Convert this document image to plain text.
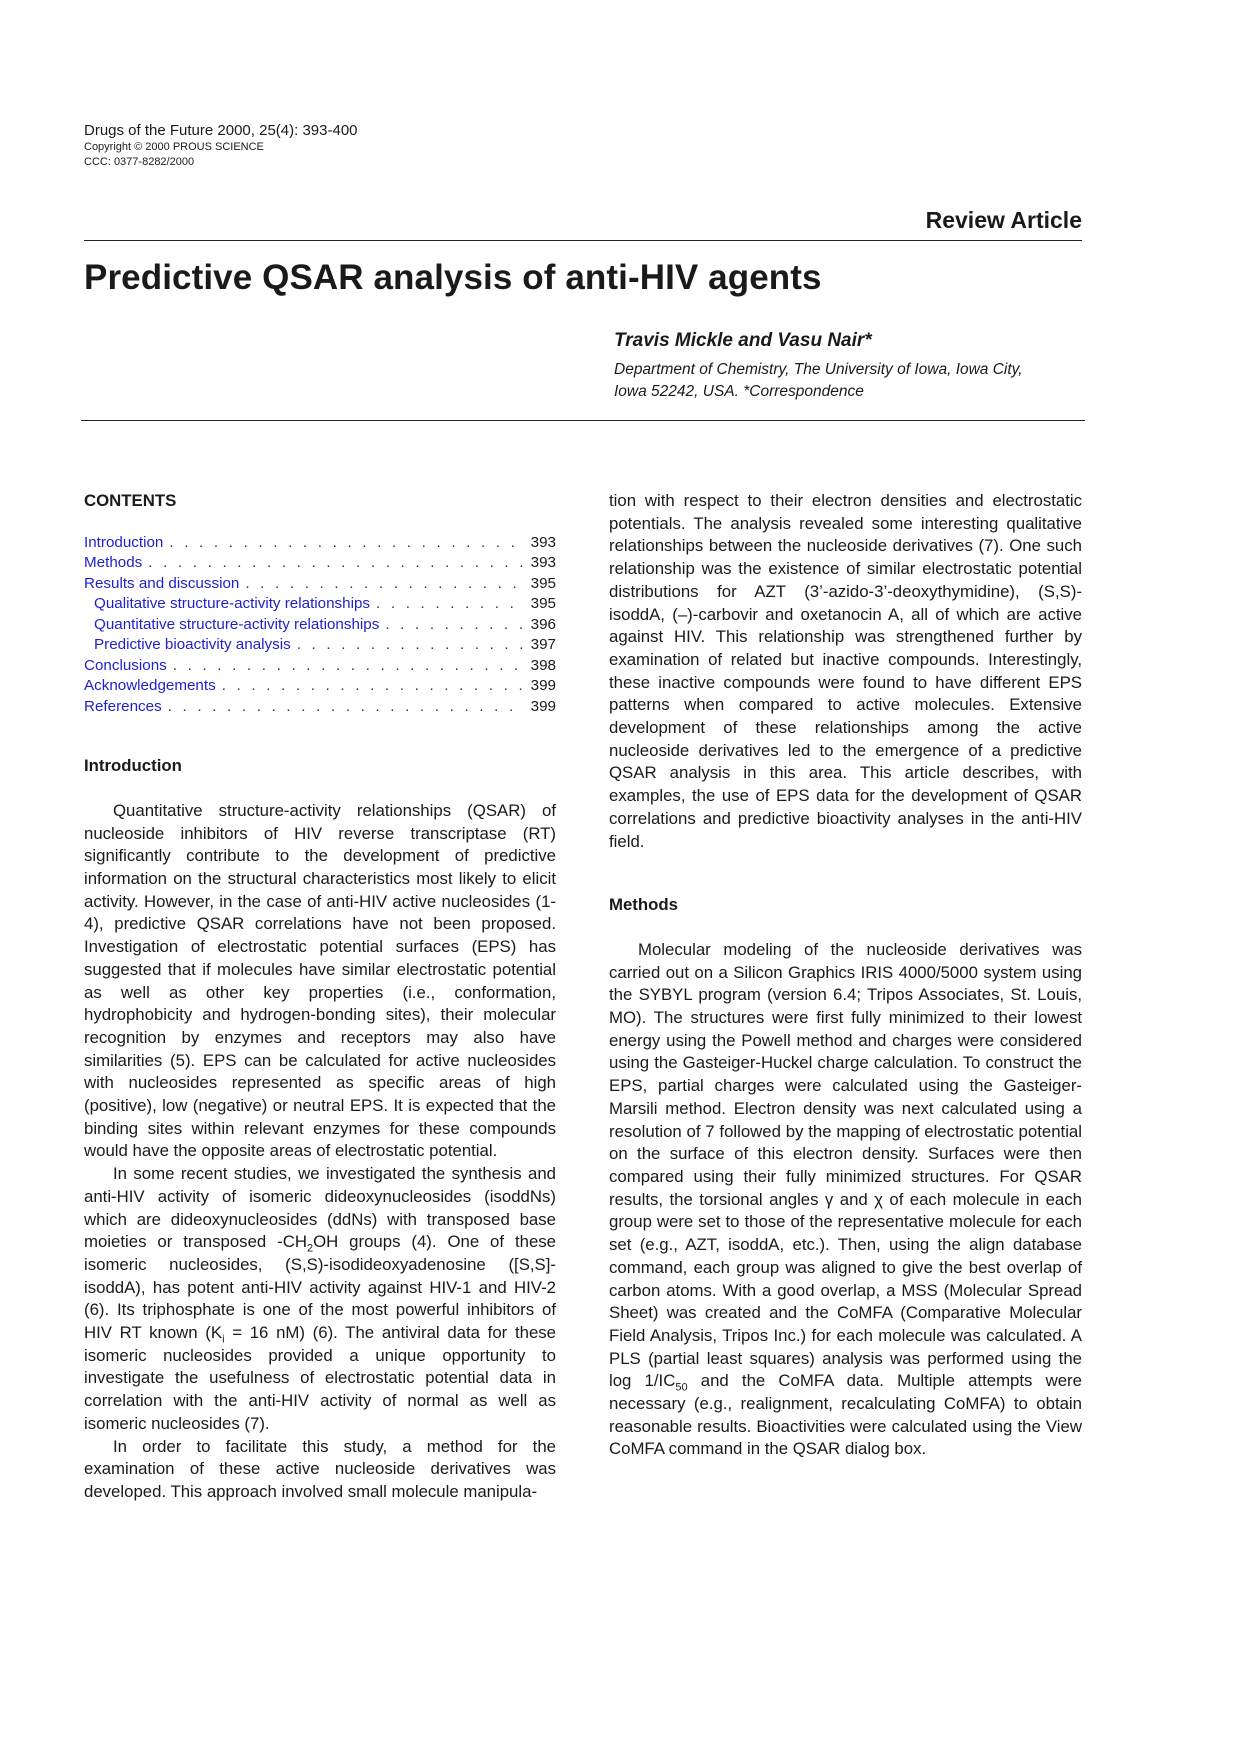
Drugs of the Future 2000, 25(4): 393-400
Copyright © 2000 PROUS SCIENCE
CCC: 0377-8282/2000
Review Article
Predictive QSAR analysis of anti-HIV agents
Travis Mickle and Vasu Nair*
Department of Chemistry, The University of Iowa, Iowa City,
Iowa 52242, USA. *Correspondence
CONTENTS
Introduction . . .	393
Methods . . .	393
Results and discussion . . .	395
Qualitative structure-activity relationships . . .	395
Quantitative structure-activity relationships . . .	396
Predictive bioactivity analysis . . .	397
Conclusions . . .	398
Acknowledgements . . .	399
References . . .	399
Introduction

Quantitative structure-activity relationships (QSAR) of nucleoside inhibitors of HIV reverse transcriptase (RT) significantly contribute to the development of predictive information on the structural characteristics most likely to elicit activity. However, in the case of anti-HIV active nucleosides (1-4), predictive QSAR correlations have not been proposed. Investigation of electrostatic potential surfaces (EPS) has suggested that if molecules have similar electrostatic potential as well as other key properties (i.e., conformation, hydrophobicity and hydrogen-bonding sites), their molecular recognition by enzymes and receptors may also have similarities (5). EPS can be calculated for active nucleosides with nucleosides represented as specific areas of high (positive), low (negative) or neutral EPS. It is expected that the binding sites within relevant enzymes for these compounds would have the opposite areas of electrostatic potential.

In some recent studies, we investigated the synthesis and anti-HIV activity of isomeric dideoxynucleosides (isoddNs) which are dideoxynucleosides (ddNs) with transposed base moieties or transposed $-CH_2OH$ groups (4). One of these isomeric nucleosides, (S,S)-isodideoxyadenosine ([S,S]-isoddA), has potent anti-HIV activity against HIV-1 and HIV-2 (6). Its triphosphate is one of the most powerful inhibitors of HIV RT known ($K_i = 16$ nM) (6). The antiviral data for these isomeric nucleosides provided a unique opportunity to investigate the usefulness of electrostatic potential data in correlation with the anti-HIV activity of normal as well as isomeric nucleosides (7).

In order to facilitate this study, a method for the examination of these active nucleoside derivatives was developed. This approach involved small molecule manipula-

tion with respect to their electron densities and electrostatic potentials. The analysis revealed some interesting qualitative relationships between the nucleoside derivatives (7). One such relationship was the existence of similar electrostatic potential distributions for AZT (3’-azido-3’-deoxythymidine), (S,S)-isoddA, (–)-carbovir and oxetanocin A, all of which are active against HIV. This relationship was strengthened further by examination of related but inactive compounds. Interestingly, these inactive compounds were found to have different EPS patterns when compared to active molecules. Extensive development of these relationships among the active nucleoside derivatives led to the emergence of a predictive QSAR analysis in this area. This article describes, with examples, the use of EPS data for the development of QSAR correlations and predictive bioactivity analyses in the anti-HIV field.

Methods

Molecular modeling of the nucleoside derivatives was carried out on a Silicon Graphics IRIS 4000/5000 system using the SYBYL program (version 6.4; Tripos Associates, St. Louis, MO). The structures were first fully minimized to their lowest energy using the Powell method and charges were considered using the Gasteiger-Huckel charge calculation. To construct the EPS, partial charges were calculated using the Gasteiger-Marsili method. Electron density was next calculated using a resolution of 7 followed by the mapping of electrostatic potential on the surface of this electron density. Surfaces were then compared using their fully minimized structures. For QSAR results, the torsional angles γ and χ of each molecule in each group were set to those of the representative molecule for each set (e.g., AZT, isoddA, etc.). Then, using the align database command, each group was aligned to give the best overlap of carbon atoms. With a good overlap, a MSS (Molecular Spread Sheet) was created and the CoMFA (Comparative Molecular Field Analysis, Tripos Inc.) for each molecule was calculated. A PLS (partial least squares) analysis was performed using the $\log 1/IC_{50}$ and the CoMFA data. Multiple attempts were necessary (e.g., realignment, recalculating CoMFA) to obtain reasonable results. Bioactivities were calculated using the View CoMFA command in the QSAR dialog box.
